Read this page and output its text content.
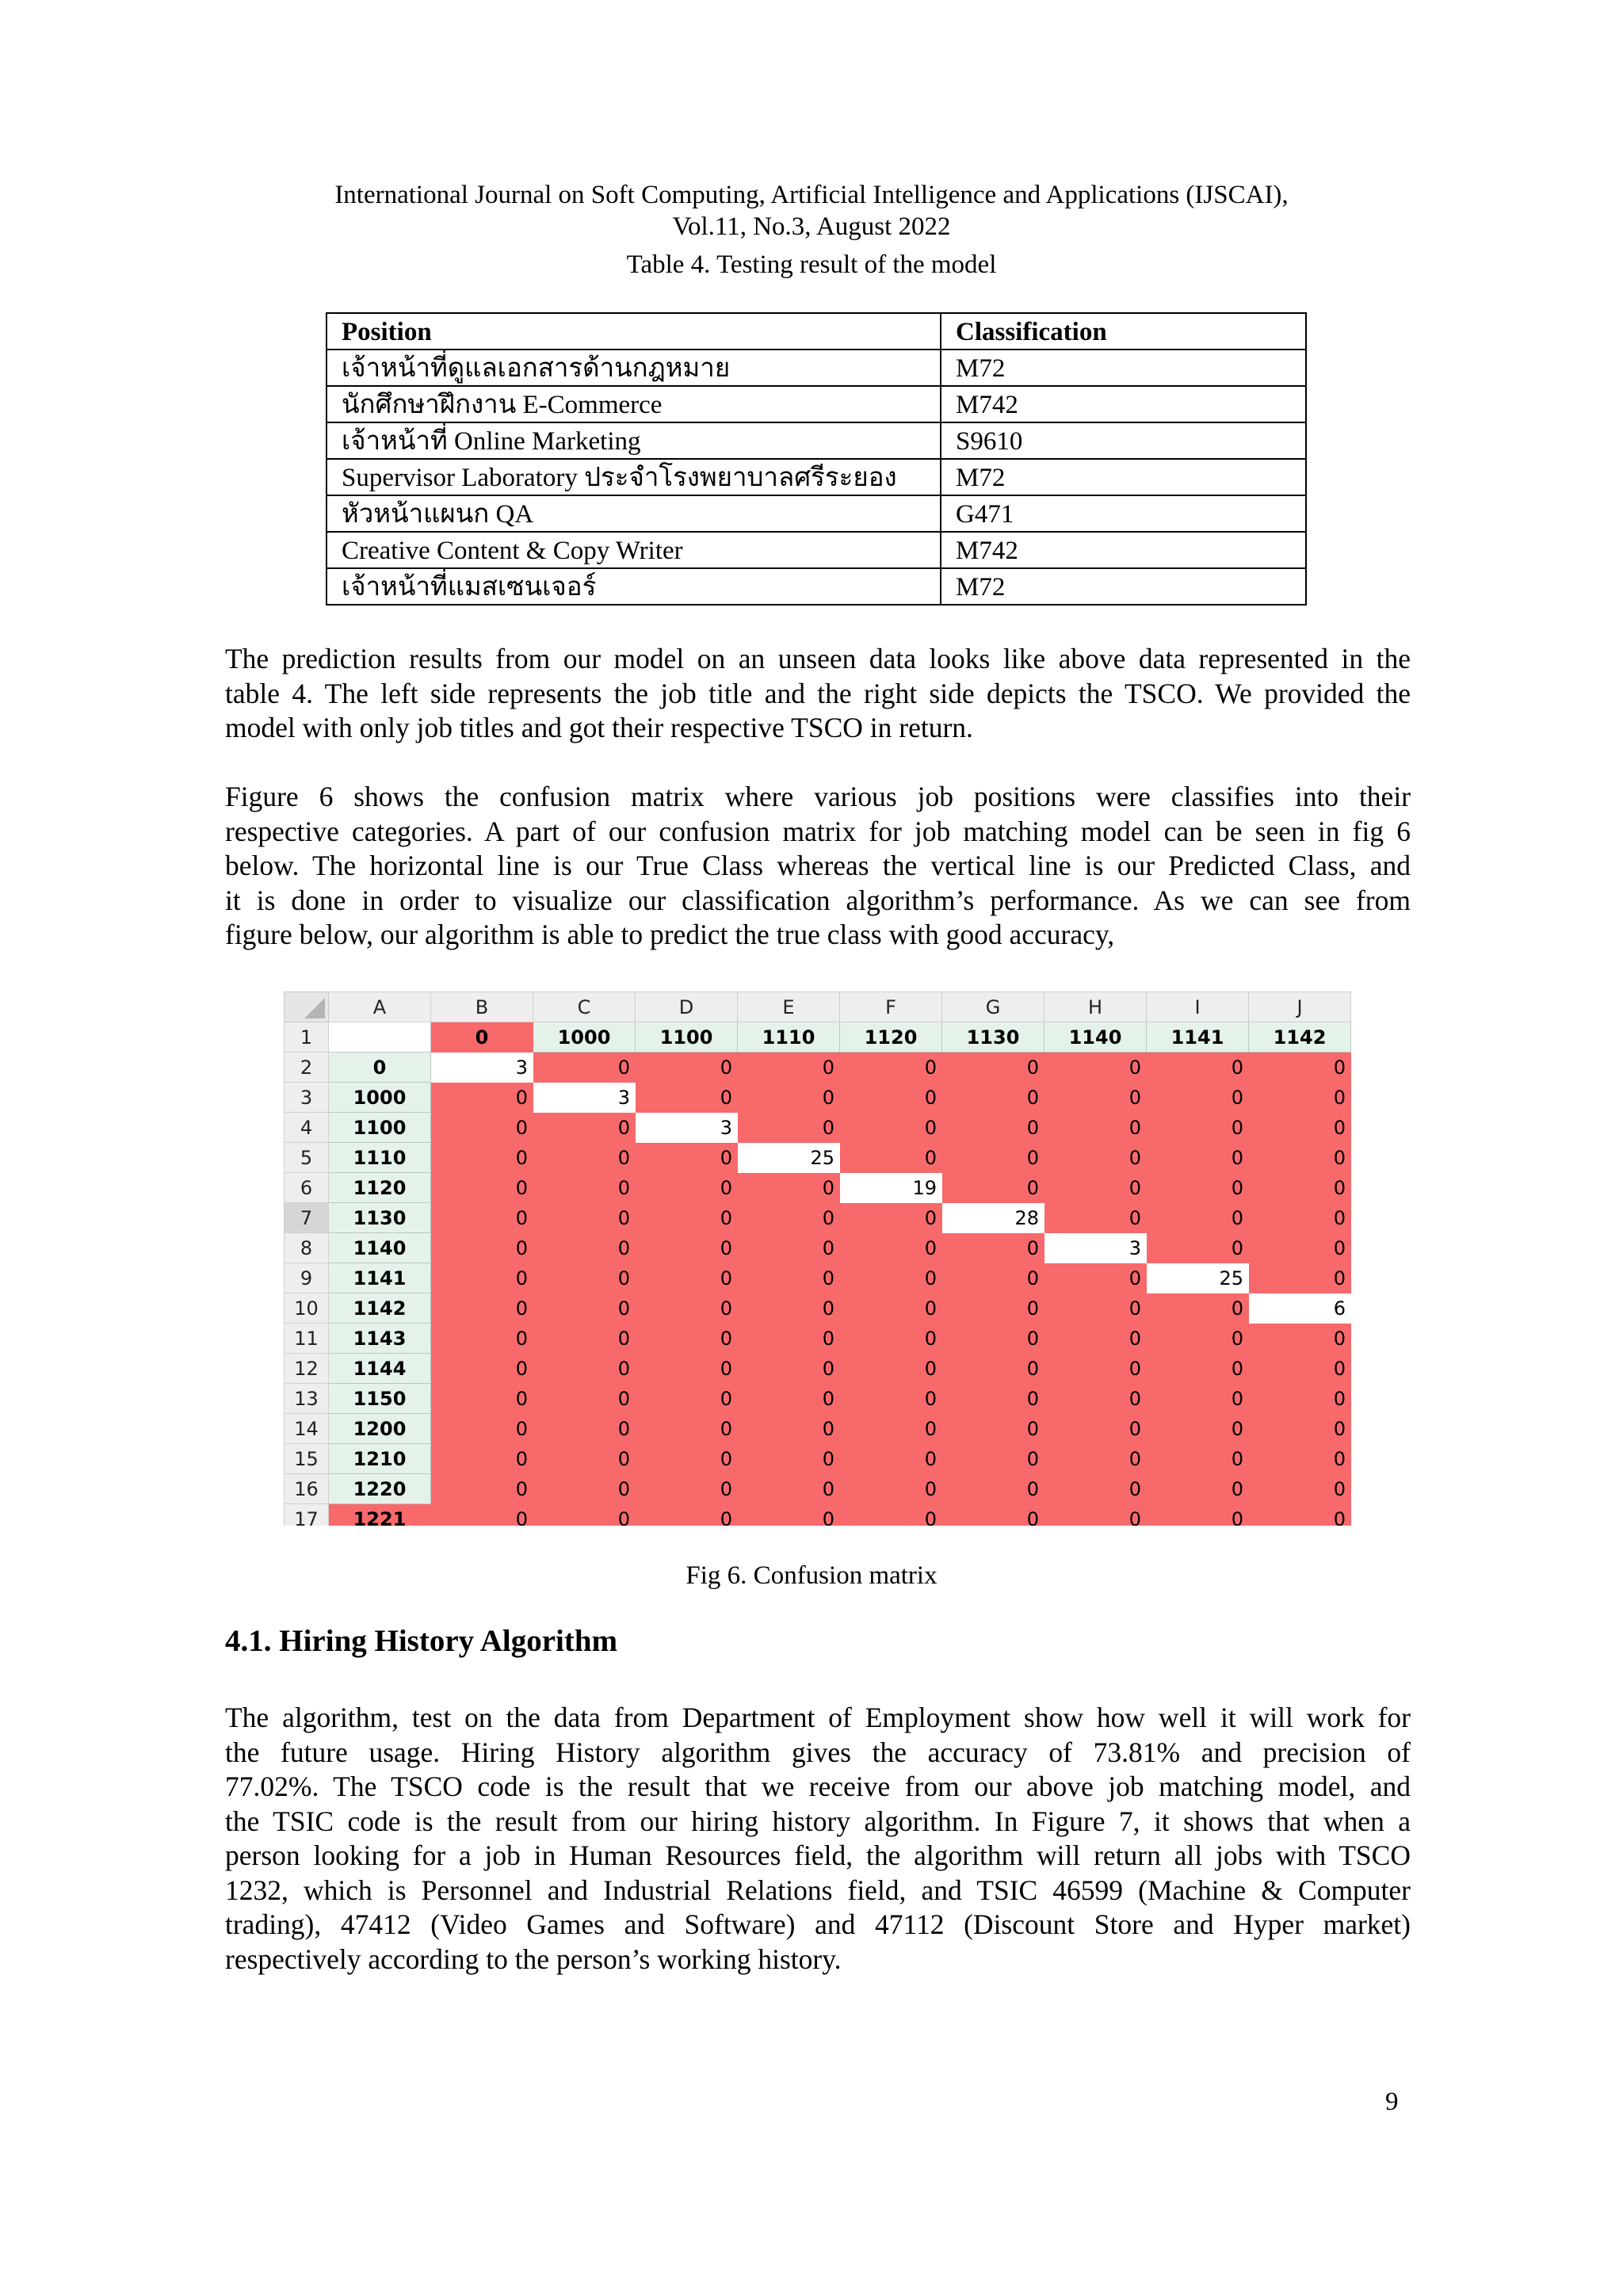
International Journal on Soft Computing, Artificial Intelligence and Applications (IJSCAI),
Vol.11, No.3, August 2022
Table 4. Testing result of the model
Position	Classification
เจ้าหน้าที่ดูแลเอกสารด้านกฎหมาย	M72
นักศึกษาฝึกงาน E-Commerce	M742
เจ้าหน้าที่ Online Marketing	S9610
Supervisor Laboratory ประจำโรงพยาบาลศรีระยอง	M72
หัวหน้าแผนก QA	G471
Creative Content & Copy Writer	M742
เจ้าหน้าที่แมสเซนเจอร์	M72
The prediction results from our model on an unseen data looks like above data represented in the
table 4. The left side represents the job title and the right side depicts the TSCO. We provided the
model with only job titles and got their respective TSCO in return.
Figure 6 shows the confusion matrix where various job positions were classifies into their
respective categories. A part of our confusion matrix for job matching model can be seen in fig 6
below. The horizontal line is our True Class whereas the vertical line is our Predicted Class, and
it is done in order to visualize our classification algorithm’s performance. As we can see from
figure below, our algorithm is able to predict the true class with good accuracy,
	A	B	C	D	E	F	G	H	I	J
1		0	1000	1100	1110	1120	1130	1140	1141	1142
2	0	3	0	0	0	0	0	0	0	0
3	1000	0	3	0	0	0	0	0	0	0
4	1100	0	0	3	0	0	0	0	0	0
5	1110	0	0	0	25	0	0	0	0	0
6	1120	0	0	0	0	19	0	0	0	0
7	1130	0	0	0	0	0	28	0	0	0
8	1140	0	0	0	0	0	0	3	0	0
9	1141	0	0	0	0	0	0	0	25	0
10	1142	0	0	0	0	0	0	0	0	6
11	1143	0	0	0	0	0	0	0	0	0
12	1144	0	0	0	0	0	0	0	0	0
13	1150	0	0	0	0	0	0	0	0	0
14	1200	0	0	0	0	0	0	0	0	0
15	1210	0	0	0	0	0	0	0	0	0
16	1220	0	0	0	0	0	0	0	0	0
17	1221	0	0	0	0	0	0	0	0	0
Fig 6. Confusion matrix
4.1. Hiring History Algorithm
The algorithm, test on the data from Department of Employment show how well it will work for
the future usage. Hiring History algorithm gives the accuracy of 73.81% and precision of
77.02%. The TSCO code is the result that we receive from our above job matching model, and
the TSIC code is the result from our hiring history algorithm. In Figure 7, it shows that when a
person looking for a job in Human Resources field, the algorithm will return all jobs with TSCO
1232, which is Personnel and Industrial Relations field, and TSIC 46599 (Machine & Computer
trading), 47412 (Video Games and Software) and 47112 (Discount Store and Hyper market)
respectively according to the person’s working history.
9
